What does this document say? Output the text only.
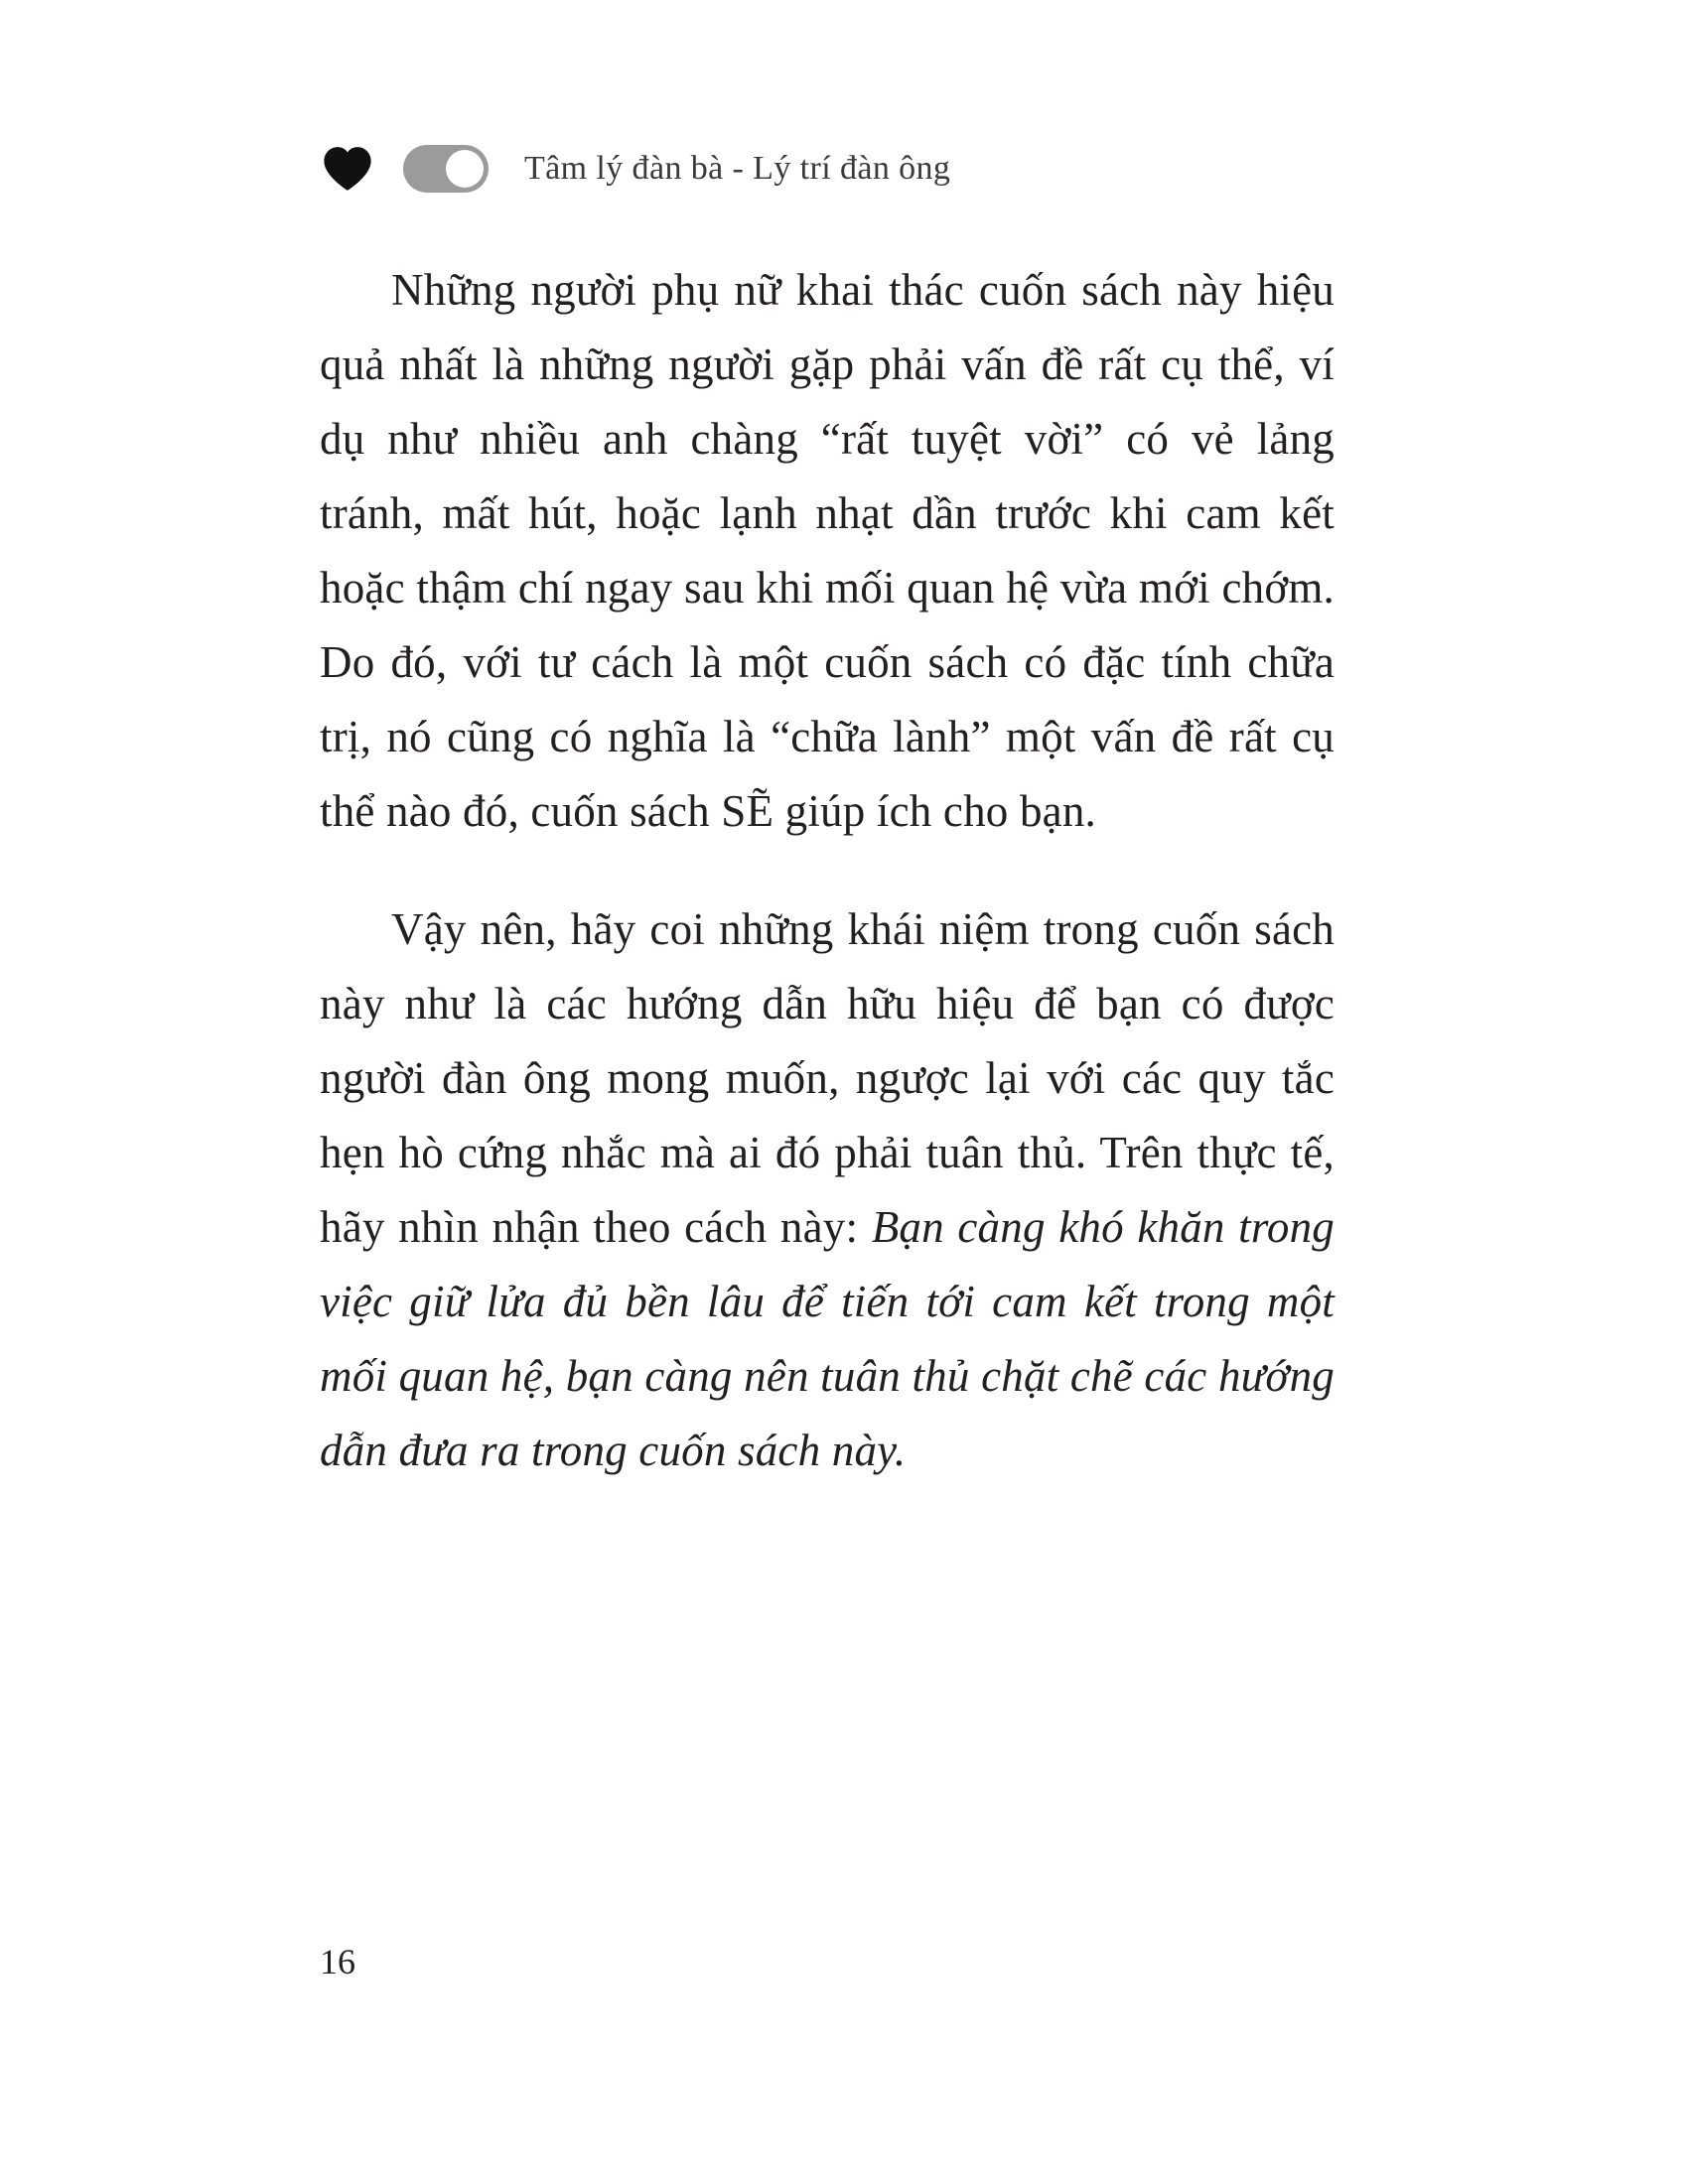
Tâm lý đàn bà - Lý trí đàn ông

Những người phụ nữ khai thác cuốn sách này hiệu quả nhất là những người gặp phải vấn đề rất cụ thể, ví dụ như nhiều anh chàng “rất tuyệt vời” có vẻ lảng tránh, mất hút, hoặc lạnh nhạt dần trước khi cam kết hoặc thậm chí ngay sau khi mối quan hệ vừa mới chớm. Do đó, với tư cách là một cuốn sách có đặc tính chữa trị, nó cũng có nghĩa là “chữa lành” một vấn đề rất cụ thể nào đó, cuốn sách SẼ giúp ích cho bạn.

Vậy nên, hãy coi những khái niệm trong cuốn sách này như là các hướng dẫn hữu hiệu để bạn có được người đàn ông mong muốn, ngược lại với các quy tắc hẹn hò cứng nhắc mà ai đó phải tuân thủ. Trên thực tế, hãy nhìn nhận theo cách này: Bạn càng khó khăn trong việc giữ lửa đủ bền lâu để tiến tới cam kết trong một mối quan hệ, bạn càng nên tuân thủ chặt chẽ các hướng dẫn đưa ra trong cuốn sách này.

16
